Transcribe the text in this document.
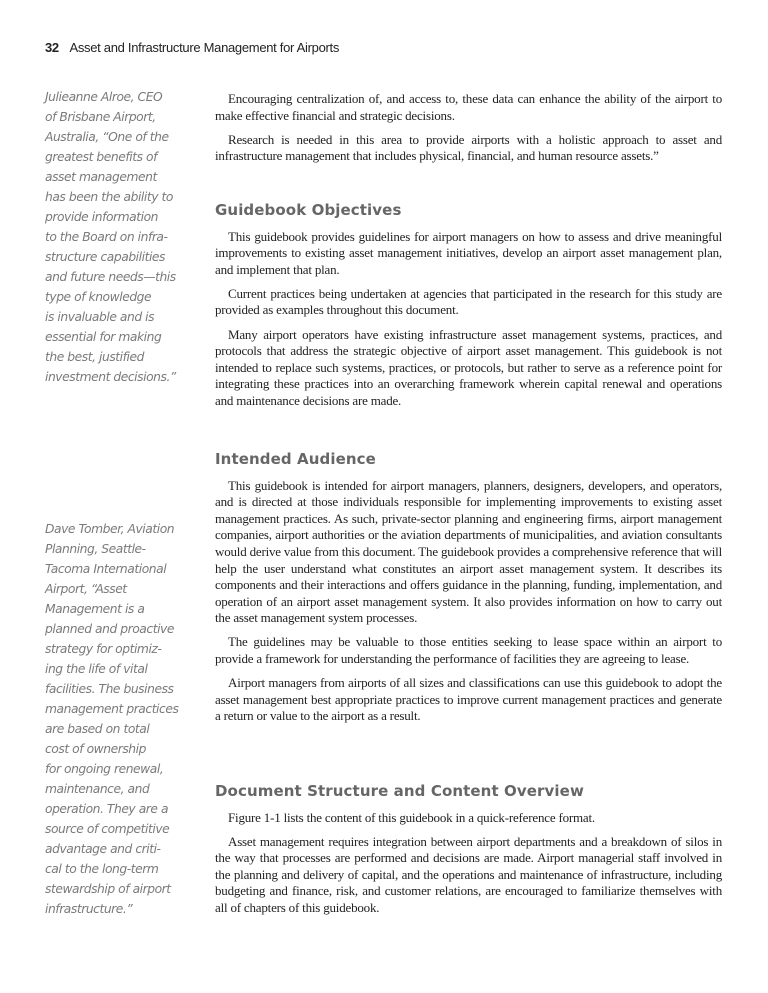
32 Asset and Infrastructure Management for Airports
Julieanne Alroe, CEO
of Brisbane Airport,
Australia, “One of the
greatest benefits of
asset management
has been the ability to
provide information
to the Board on infra-
structure capabilities
and future needs—this
type of knowledge
is invaluable and is
essential for making
the best, justified
investment decisions.”
Dave Tomber, Aviation
Planning, Seattle-
Tacoma International
Airport, “Asset
Management is a
planned and proactive
strategy for optimiz-
ing the life of vital
facilities. The business
management practices
are based on total
cost of ownership
for ongoing renewal,
maintenance, and
operation. They are a
source of competitive
advantage and criti-
cal to the long-term
stewardship of airport
infrastructure.”

Encouraging centralization of, and access to, these data can enhance the ability of the airport to make effective financial and strategic decisions.

Research is needed in this area to provide airports with a holistic approach to asset and infrastructure management that includes physical, financial, and human resource assets.”

Guidebook Objectives

This guidebook provides guidelines for airport managers on how to assess and drive meaningful improvements to existing asset management initiatives, develop an airport asset management plan, and implement that plan.

Current practices being undertaken at agencies that participated in the research for this study are provided as examples throughout this document.

Many airport operators have existing infrastructure asset management systems, practices, and protocols that address the strategic objective of airport asset management. This guidebook is not intended to replace such systems, practices, or protocols, but rather to serve as a reference point for integrating these practices into an overarching framework wherein capital renewal and operations and maintenance decisions are made.

Intended Audience

This guidebook is intended for airport managers, planners, designers, developers, and operators, and is directed at those individuals responsible for implementing improvements to existing asset management practices. As such, private-sector planning and engineering firms, airport management companies, airport authorities or the aviation departments of municipalities, and aviation consultants would derive value from this document. The guidebook provides a comprehensive reference that will help the user understand what constitutes an airport asset management system. It describes its components and their interactions and offers guidance in the planning, funding, implementation, and operation of an airport asset management system. It also provides information on how to carry out the asset management system processes.

The guidelines may be valuable to those entities seeking to lease space within an airport to provide a framework for understanding the performance of facilities they are agreeing to lease.

Airport managers from airports of all sizes and classifications can use this guidebook to adopt the asset management best appropriate practices to improve current management practices and generate a return or value to the airport as a result.

Document Structure and Content Overview

Figure 1-1 lists the content of this guidebook in a quick-reference format.

Asset management requires integration between airport departments and a breakdown of silos in the way that processes are performed and decisions are made. Airport managerial staff involved in the planning and delivery of capital, and the operations and maintenance of infrastructure, including budgeting and finance, risk, and customer relations, are encouraged to familiarize themselves with all of chapters of this guidebook.
